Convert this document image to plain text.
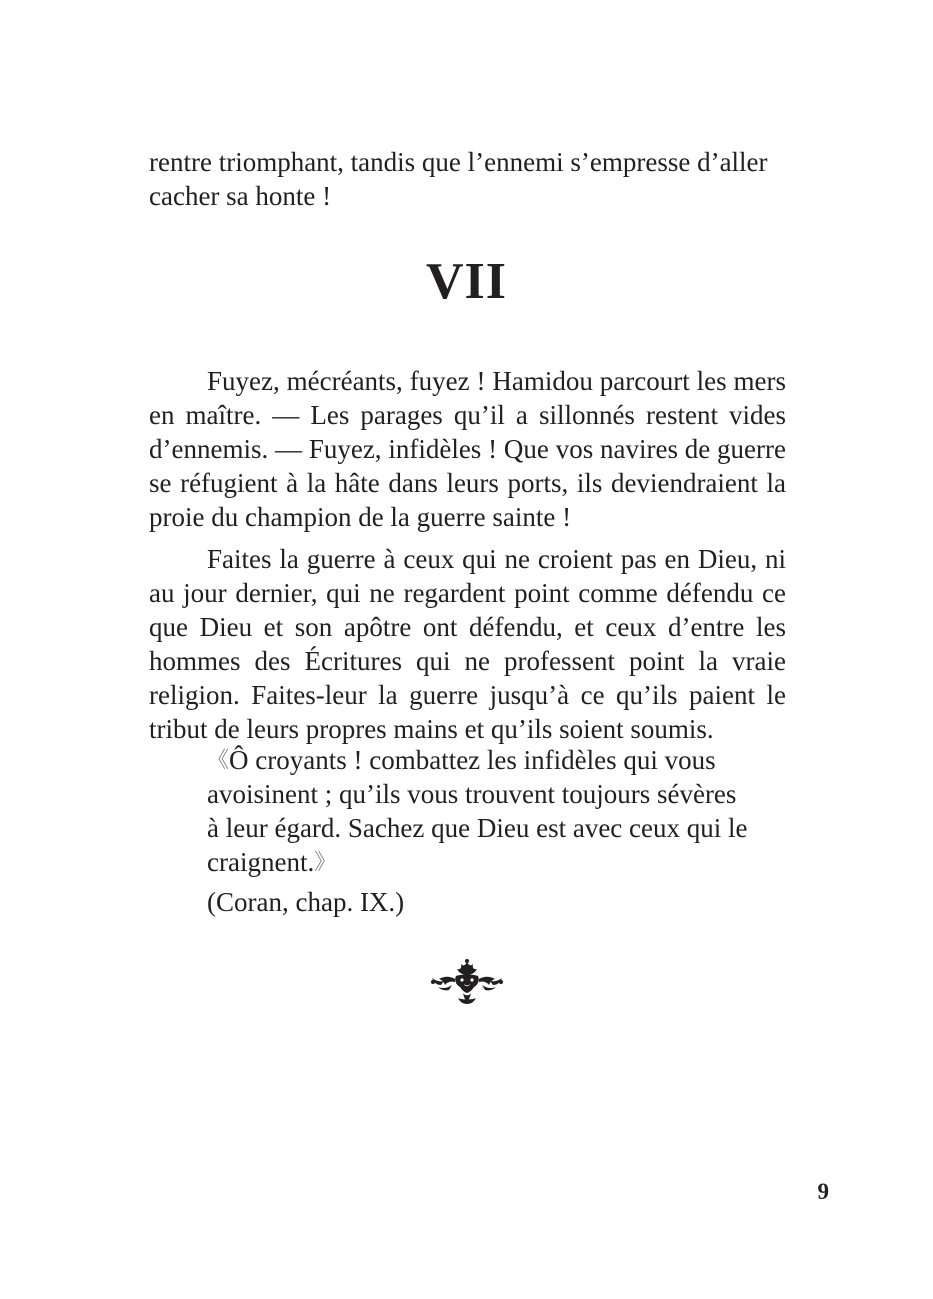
rentre triomphant, tandis que l’ennemi s’empresse d’aller cacher sa honte !

VII

Fuyez, mécréants, fuyez ! Hamidou parcourt les mers en maître. — Les parages qu’il a sillonnés restent vides d’ennemis. — Fuyez, infidèles ! Que vos navires de guerre se réfugient à la hâte dans leurs ports, ils deviendraient la proie du champion de la guerre sainte !

Faites la guerre à ceux qui ne croient pas en Dieu, ni au jour dernier, qui ne regardent point comme défendu ce que Dieu et son apôtre ont défendu, et ceux d’entre les hommes des Écritures qui ne professent point la vraie religion. Faites-leur la guerre jusqu’à ce qu’ils paient le tribut de leurs propres mains et qu’ils soient soumis.

《Ô croyants ! combattez les infidèles qui vous avoisinent ; qu’ils vous trouvent toujours sévères à leur égard. Sachez que Dieu est avec ceux qui le craignent.》

(Coran, chap. IX.)

9
